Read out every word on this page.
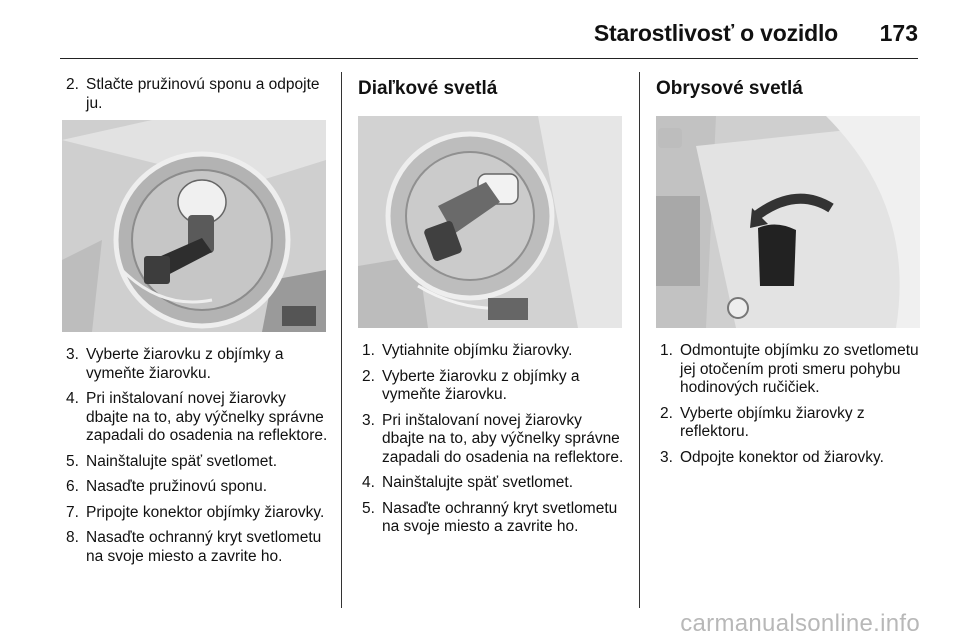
Starostlivosť o vozidlo 173
2. Stlačte pružinovú sponu a odpojte ju.
3. Vyberte žiarovku z objímky a vymeňte žiarovku.
4. Pri inštalovaní novej žiarovky dbajte na to, aby výčnelky správne zapadali do osadenia na reflektore.
5. Nainštalujte späť svetlomet.
6. Nasaďte pružinovú sponu.
7. Pripojte konektor objímky žiarovky.
8. Nasaďte ochranný kryt svetlometu na svoje miesto a zavrite ho.
Diaľkové svetlá
1. Vytiahnite objímku žiarovky.
2. Vyberte žiarovku z objímky a vymeňte žiarovku.
3. Pri inštalovaní novej žiarovky dbajte na to, aby výčnelky správne zapadali do osadenia na reflektore.
4. Nainštalujte späť svetlomet.
5. Nasaďte ochranný kryt svetlometu na svoje miesto a zavrite ho.
Obrysové svetlá
1. Odmontujte objímku zo svetlometu jej otočením proti smeru pohybu hodinových ručičiek.
2. Vyberte objímku žiarovky z reflektoru.
3. Odpojte konektor od žiarovky.
carmanualsonline.info
